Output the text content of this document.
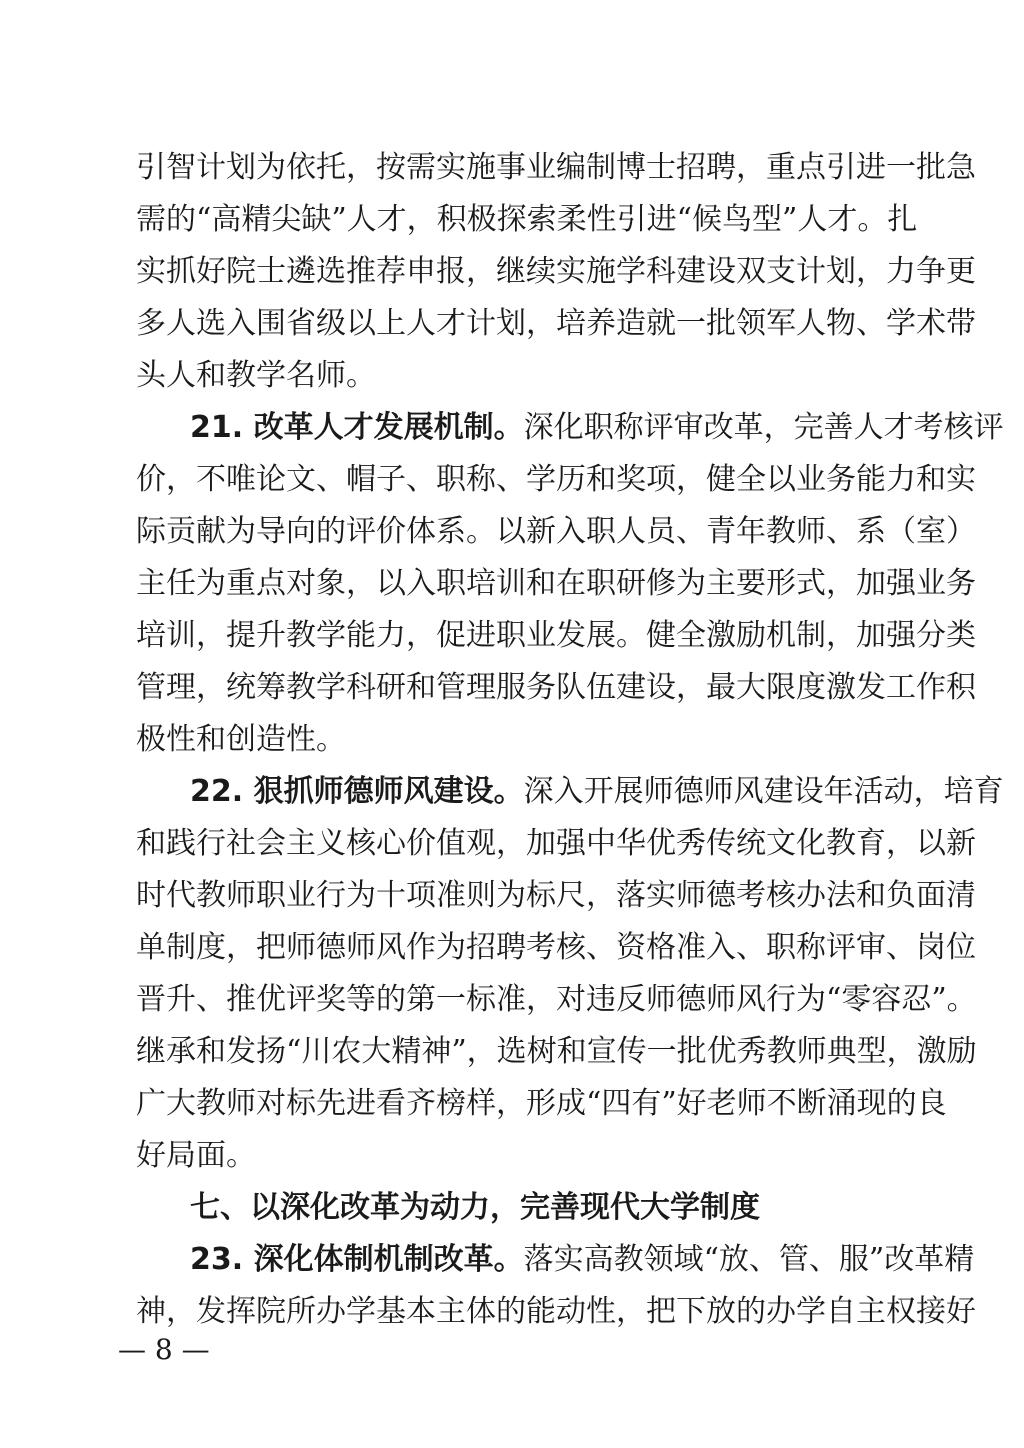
引智计划为依托，按需实施事业编制博士招聘，重点引进一批急
需的“高精尖缺”人才，积极探索柔性引进“候鸟型”人才。扎
实抓好院士遴选推荐申报，继续实施学科建设双支计划，力争更
多人选入围省级以上人才计划，培养造就一批领军人物、学术带
头人和教学名师。
21. 改革人才发展机制。深化职称评审改革，完善人才考核评
价，不唯论文、帽子、职称、学历和奖项，健全以业务能力和实
际贡献为导向的评价体系。以新入职人员、青年教师、系（室）
主任为重点对象，以入职培训和在职研修为主要形式，加强业务
培训，提升教学能力，促进职业发展。健全激励机制，加强分类
管理，统筹教学科研和管理服务队伍建设，最大限度激发工作积
极性和创造性。
22. 狠抓师德师风建设。深入开展师德师风建设年活动，培育
和践行社会主义核心价值观，加强中华优秀传统文化教育，以新
时代教师职业行为十项准则为标尺，落实师德考核办法和负面清
单制度，把师德师风作为招聘考核、资格准入、职称评审、岗位
晋升、推优评奖等的第一标准，对违反师德师风行为“零容忍”。
继承和发扬“川农大精神”，选树和宣传一批优秀教师典型，激励
广大教师对标先进看齐榜样，形成“四有”好老师不断涌现的良
好局面。
七、以深化改革为动力，完善现代大学制度
23. 深化体制机制改革。落实高教领域“放、管、服”改革精
神，发挥院所办学基本主体的能动性，把下放的办学自主权接好
— 8 —
